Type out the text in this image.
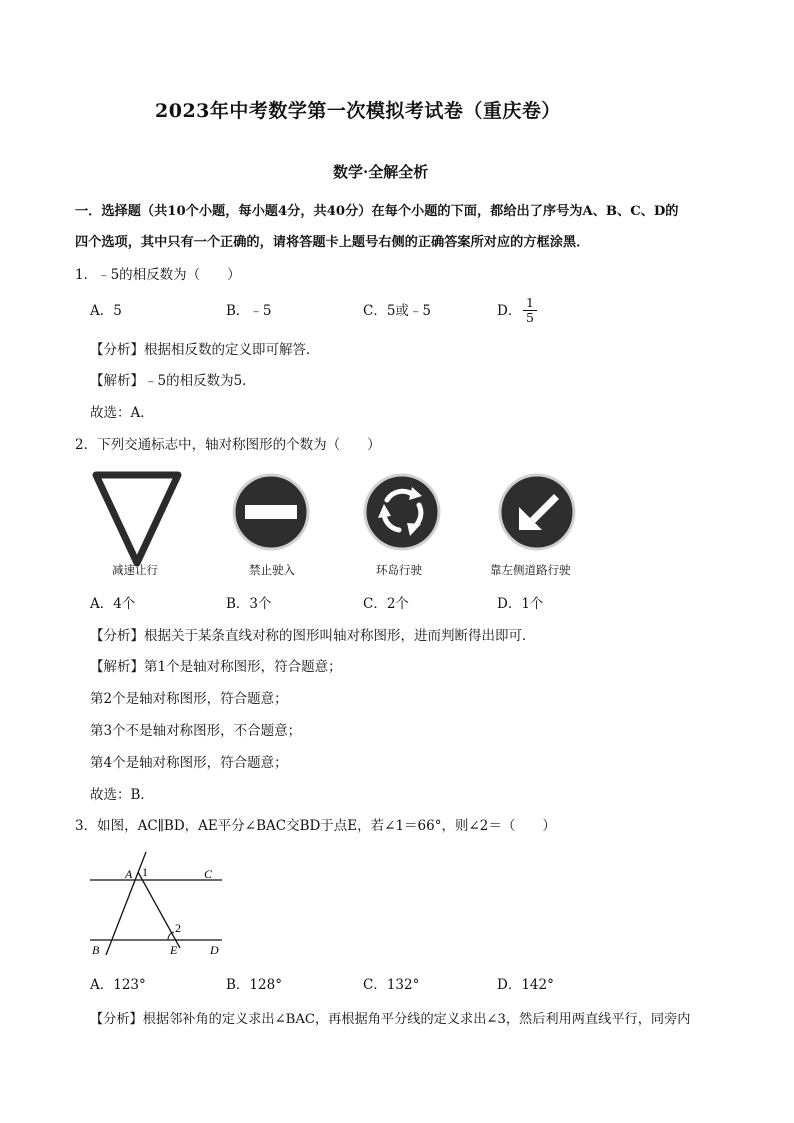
2023年中考数学第一次模拟考试卷（重庆卷）
数学·全解全析
一．选择题（共10个小题，每小题4分，共40分）在每个小题的下面，都给出了序号为A、B、C、D的
四个选项，其中只有一个正确的，请将答题卡上题号右侧的正确答案所对应的方框涂黑．
1．﹣5的相反数为（　　）
A．5	B．﹣5	C．5或﹣5	D． $\frac{1}{5}$
【分析】根据相反数的定义即可解答．
【解析】﹣5的相反数为5．
故选：A．
2．下列交通标志中，轴对称图形的个数为（　　）
减速让行	禁止驶入	环岛行驶	靠左侧道路行驶
A．4个	B．3个	C．2个	D．1个
【分析】根据关于某条直线对称的图形叫轴对称图形，进而判断得出即可．
【解析】第1个是轴对称图形，符合题意；
第2个是轴对称图形，符合题意；
第3个不是轴对称图形，不合题意；
第4个是轴对称图形，符合题意；
故选：B．
3．如图，AC∥BD，AE平分∠BAC交BD于点E，若∠1＝66°，则∠2＝（　　）
A 1	C
2
B	E	D
A．123°	B．128°	C．132°	D．142°
【分析】根据邻补角的定义求出∠BAC，再根据角平分线的定义求出∠3，然后利用两直线平行，同旁内
